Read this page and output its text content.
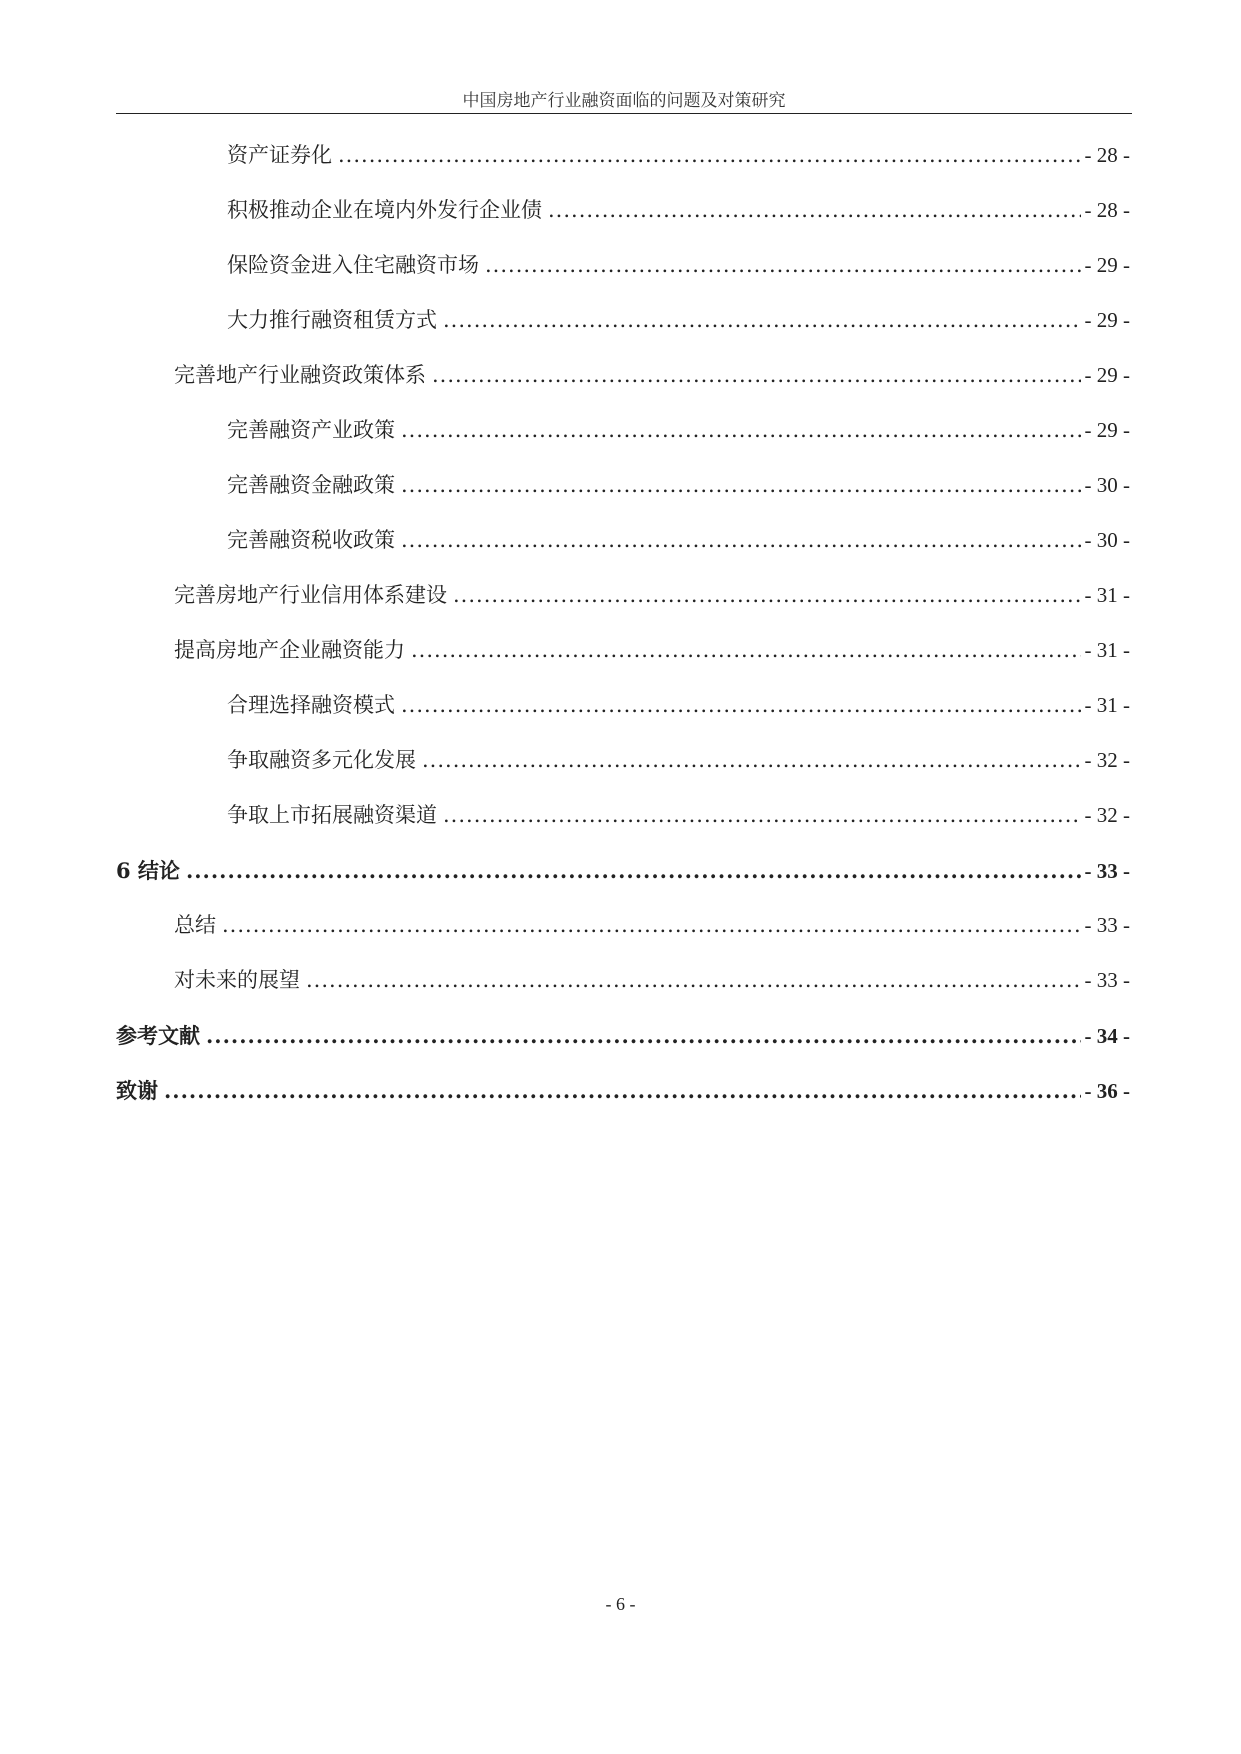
中国房地产行业融资面临的问题及对策研究
资产证券化 .....	- 28 -
积极推动企业在境内外发行企业债 .....	- 28 -
保险资金进入住宅融资市场 .....	- 29 -
大力推行融资租赁方式 .....	- 29 -
完善地产行业融资政策体系 .....	- 29 -
完善融资产业政策 .....	- 29 -
完善融资金融政策 .....	- 30 -
完善融资税收政策 .....	- 30 -
完善房地产行业信用体系建设 .....	- 31 -
提高房地产企业融资能力 .....	- 31 -
合理选择融资模式 .....	- 31 -
争取融资多元化发展 .....	- 32 -
争取上市拓展融资渠道 .....	- 32 -
6 结论 .....	- 33 -
总结 .....	- 33 -
对未来的展望 .....	- 33 -
参考文献 .....	- 34 -
致谢 .....	- 36 -
- 6 -
